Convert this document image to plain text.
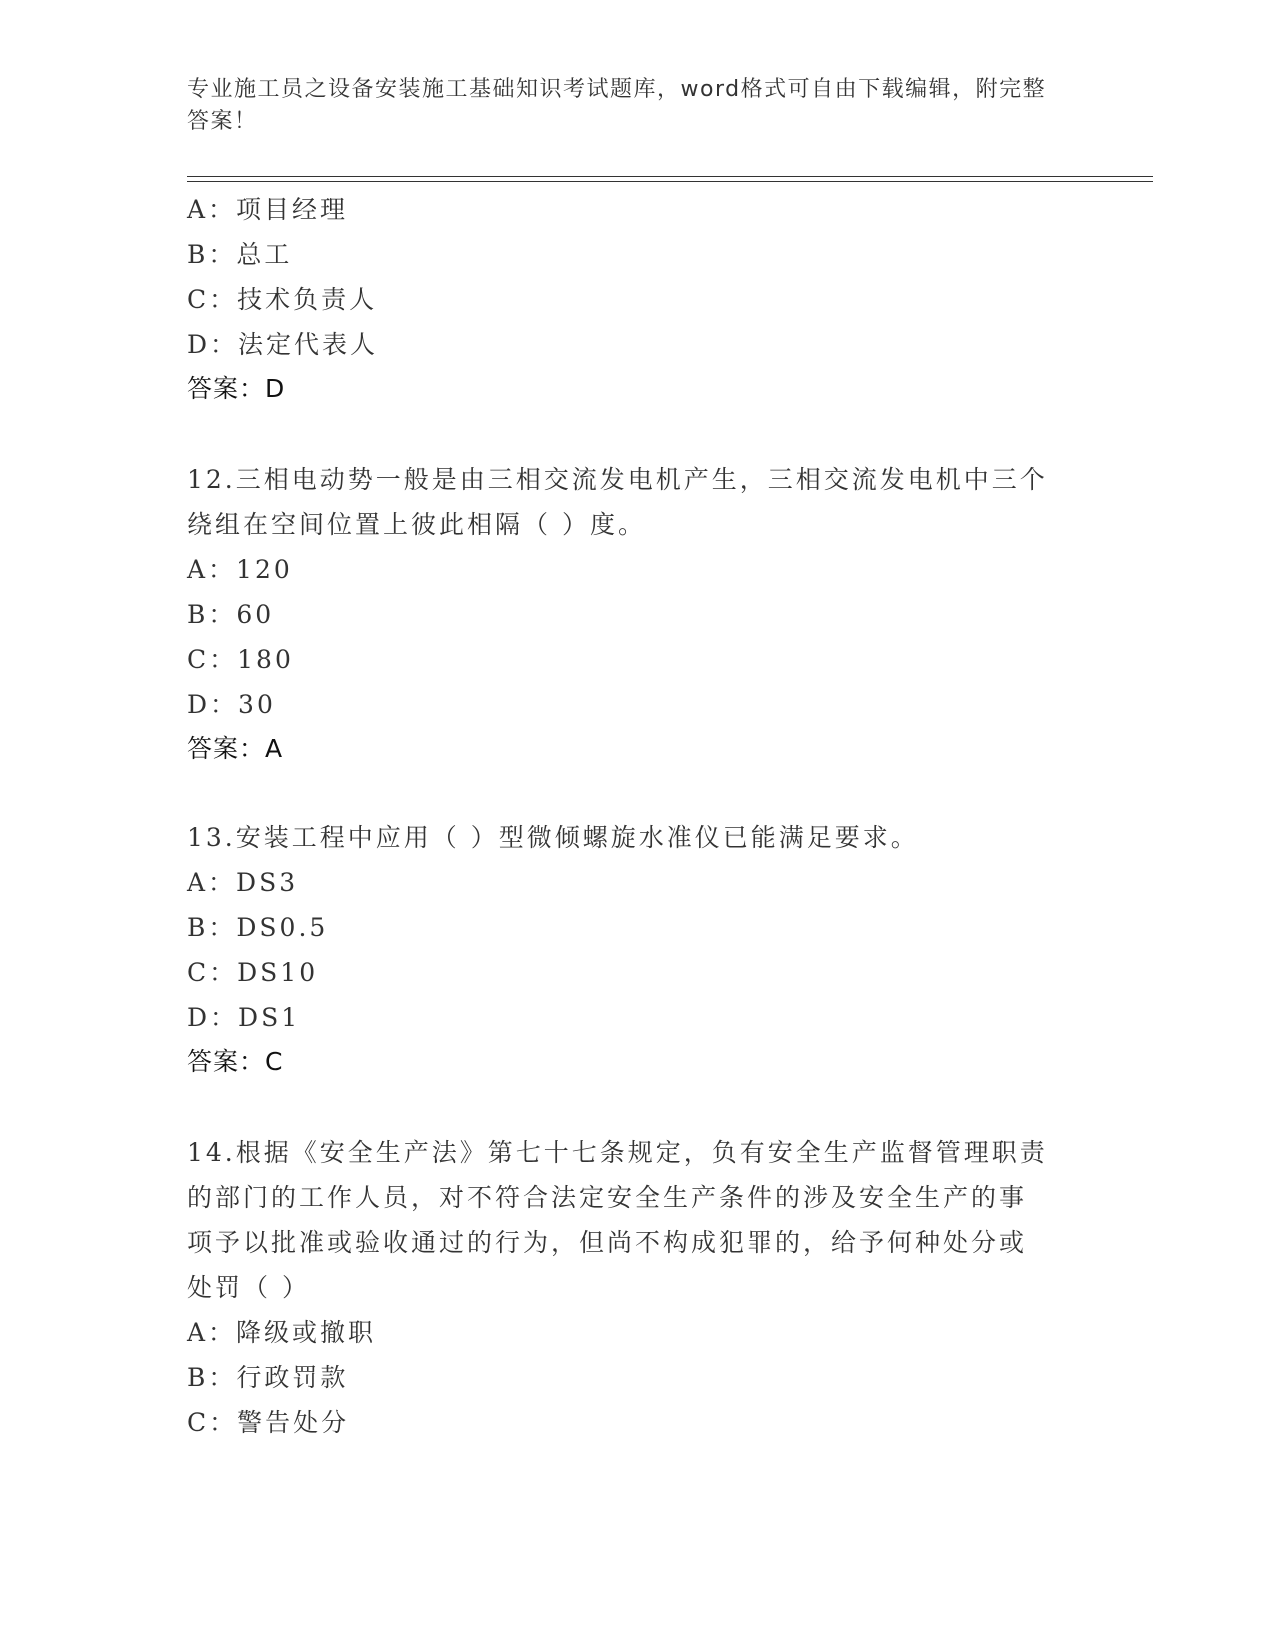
专业施工员之设备安装施工基础知识考试题库，word格式可自由下载编辑，附完整答案！
A：项目经理
B：总工
C：技术负责人
D：法定代表人
答案：D
12.三相电动势一般是由三相交流发电机产生，三相交流发电机中三个
绕组在空间位置上彼此相隔（ ）度。
A：120
B：60
C：180
D：30
答案：A
13.安装工程中应用（ ）型微倾螺旋水准仪已能满足要求。
A：DS3
B：DS0.5
C：DS10
D：DS1
答案：C
14.根据《安全生产法》第七十七条规定，负有安全生产监督管理职责
的部门的工作人员，对不符合法定安全生产条件的涉及安全生产的事
项予以批准或验收通过的行为，但尚不构成犯罪的，给予何种处分或
处罚（ ）
A：降级或撤职
B：行政罚款
C：警告处分
